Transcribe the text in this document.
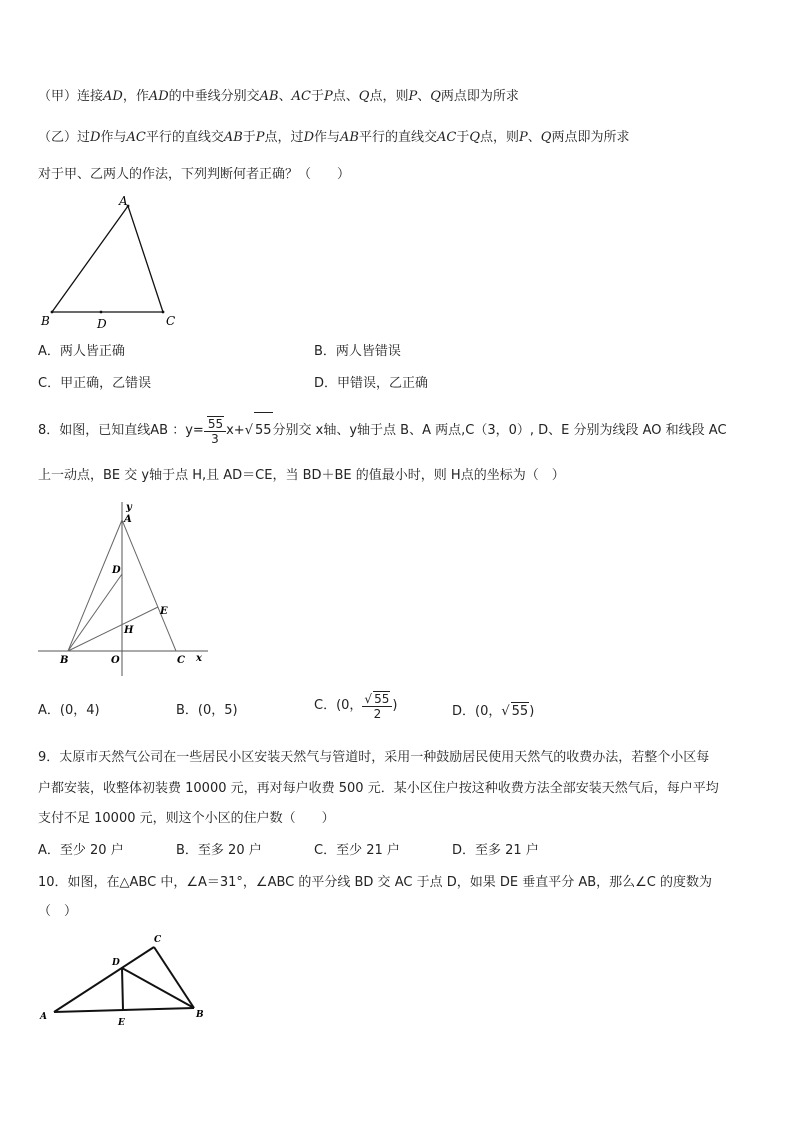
（甲）连接AD，作AD的中垂线分别交AB、AC于P点、Q点，则P、Q两点即为所求
（乙）过D作与AC平行的直线交AB于P点，过D作与AB平行的直线交AC于Q点，则P、Q两点即为所求
对于甲、乙两人的作法，下列判断何者正确？（　　）
A
B	C
D
A．两人皆正确	B．两人皆错误
C．甲正确，乙错误	D．甲错误，乙正确
8．如图，已知直线AB ：$y= \frac{55}{3} x+√$ 55分别交 x轴、y轴于点 B、A 两点,C（3，0）, D、E 分别为线段 AO 和线段 AC
上一动点，BE 交 y轴于点 H,且 AD＝CE，当 BD＋BE 的值最小时，则 H点的坐标为（　）
A
y
D
E
H
B	O	C x
A．(0，4)	B．(0，5)	C．(0， $\frac{√ 55}{2}$ )	D．(0，√ 55)
9．太原市天然气公司在一些居民小区安装天然气与管道时，采用一种鼓励居民使用天然气的收费办法，若整个小区每
户都安装，收整体初装费 10000 元，再对每户收费 500 元．某小区住户按这种收费方法全部安装天然气后，每户平均
支付不足 10000 元，则这个小区的住户数（　　）
A．至少 20 户	B．至多 20 户	C．至少 21 户	D．至多 21 户
10．如图，在△ABC 中，∠A＝31°，∠ABC 的平分线 BD 交 AC 于点 D，如果 DE 垂直平分 AB，那么∠C 的度数为
（　）
A
C
D
E
B
